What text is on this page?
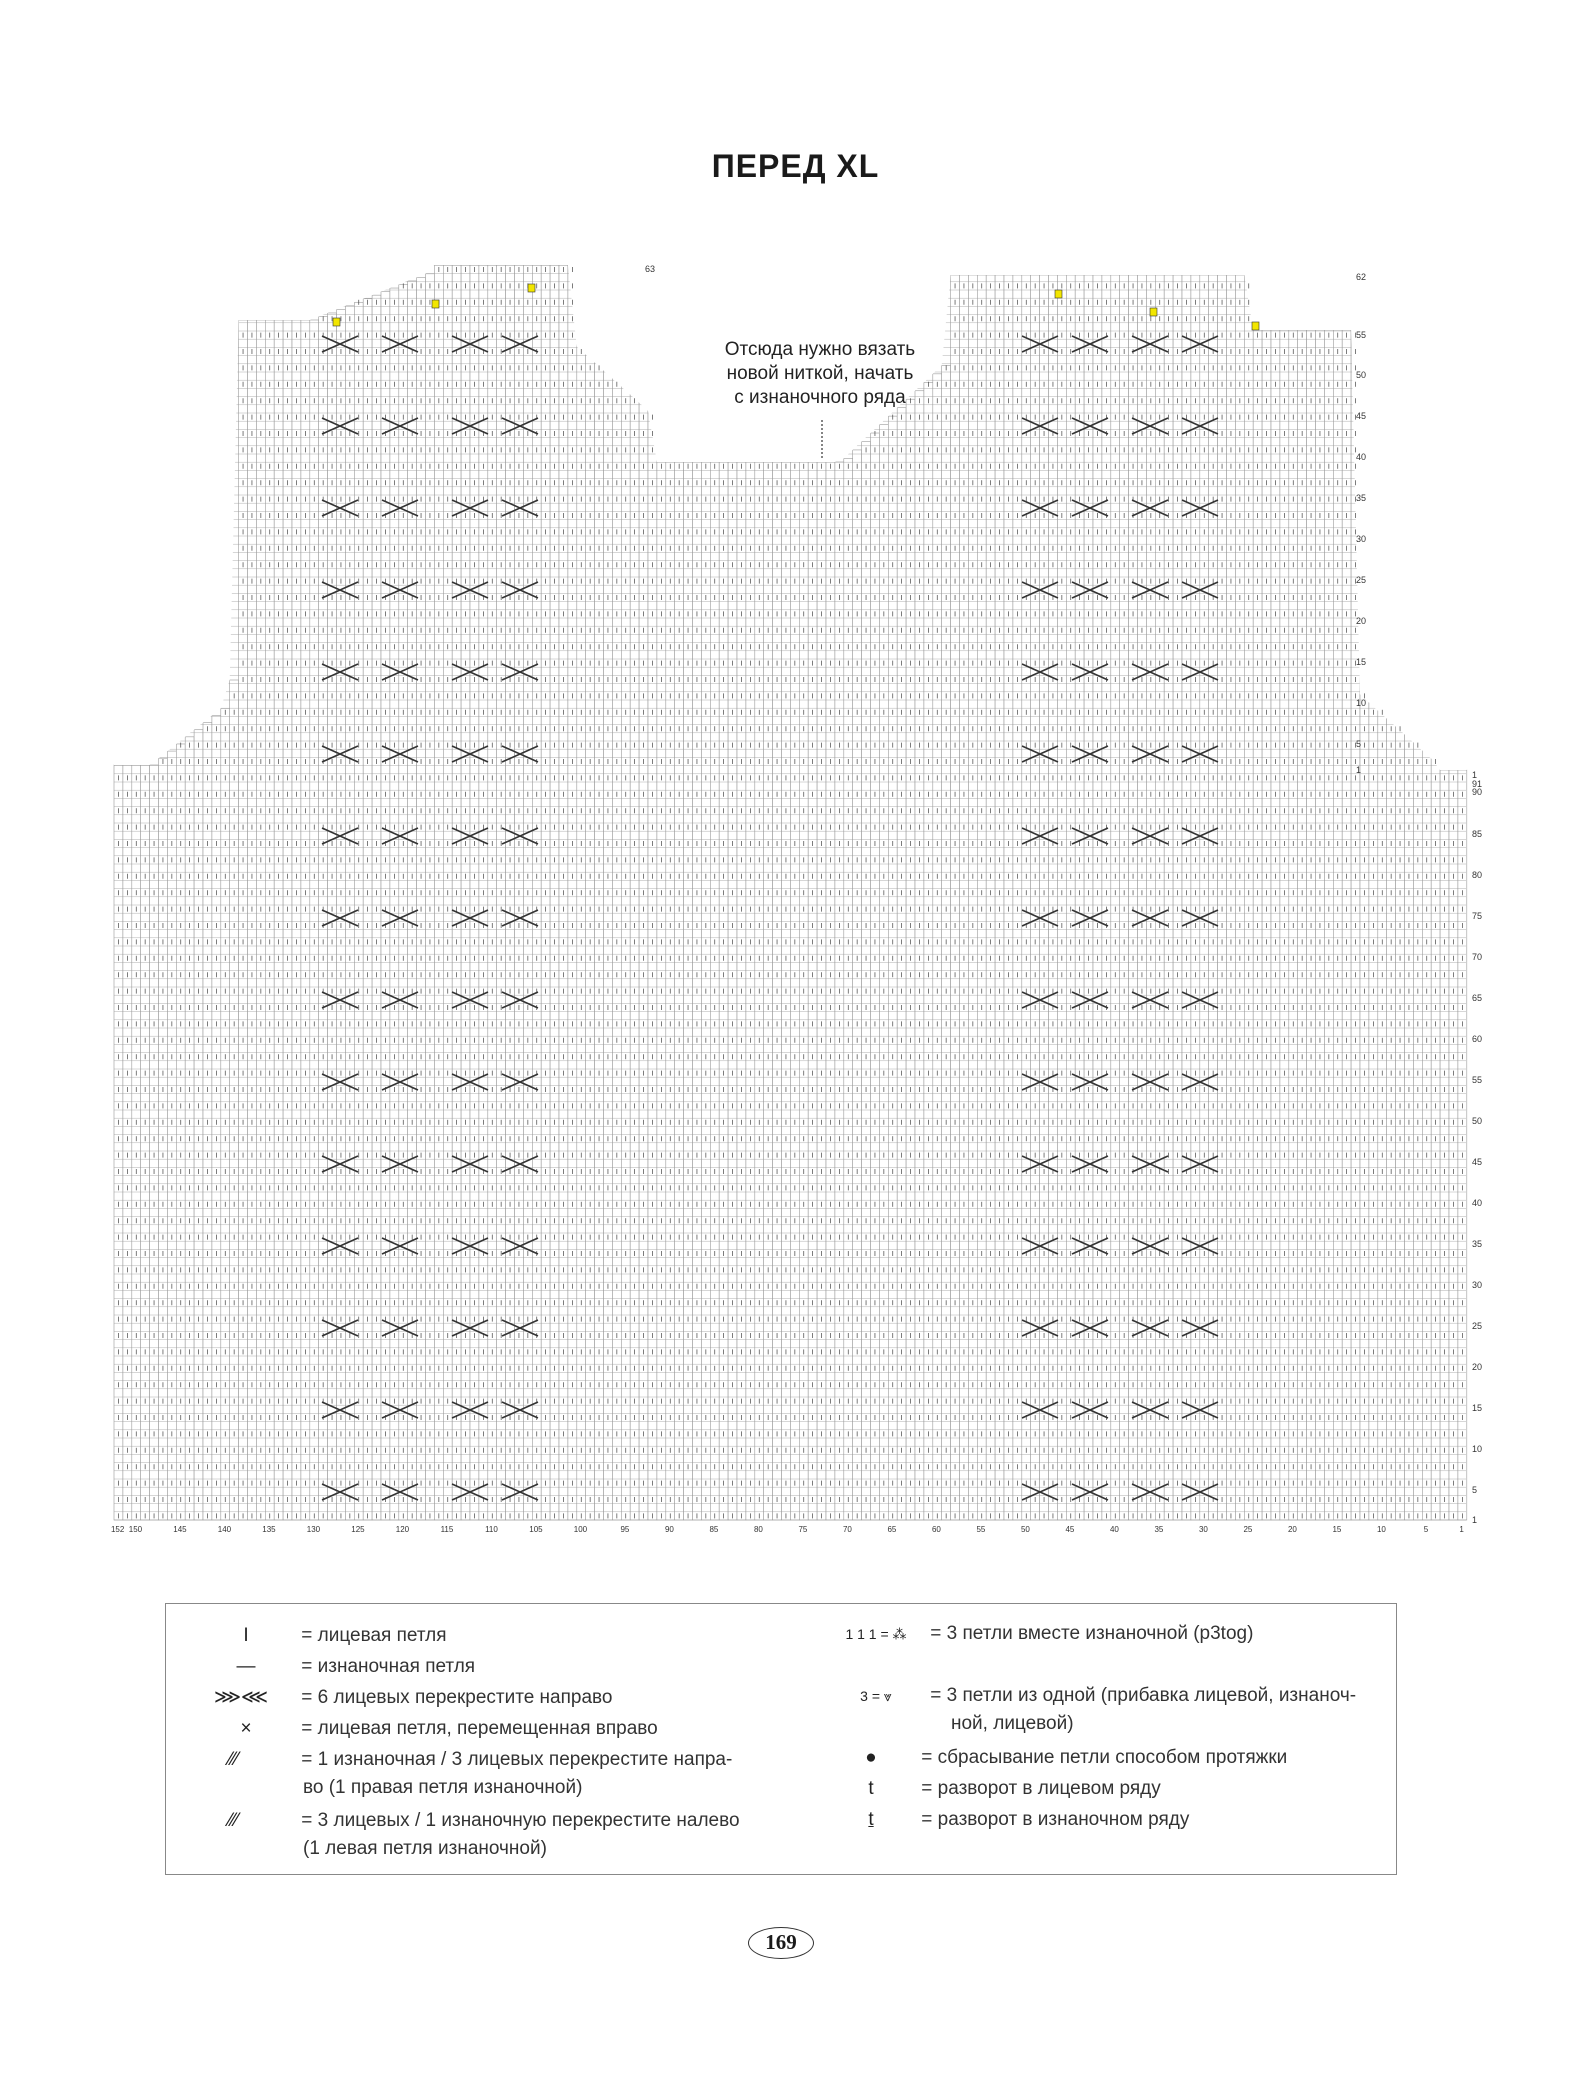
ПЕРЕД XL
1
91
90
85
80
75
70
65
60
55
50
45
40
35
30
25
20
15
10
5
1
62
55
50
45
40
35
30
25
20
15
10
5
1
63
152 150	145	140	135	130	125	120	115	110	105	100	95	90	85	80	75	70	65	60	55	50	45	40	35	30	25	20	15	10	5	1
Отсюда нужно вязать
новой ниткой, начать
с изнаночного ряда
I	= лицевая петля
— = изнаночная петля
⋙⋘ = 6 лицевых перекрестите направо
×	= лицевая петля, перемещенная вправо
⁄⁄⁄	= 1 изнаночная / 3 лицевых перекрестите напра-
во (1 правая петля изнаночной)
⁄⁄⁄	= 3 лицевых / 1 изнаночную перекрестите налево
(1 левая петля изнаночной)
1 1 1 = ⁂ = 3 петли вместе изнаночной (p3tog)
3 = ⩔ = 3 петли из одной (прибавка лицевой, изнаноч-
ной, лицевой)
● = сбрасывание петли способом протяжки
t	= разворот в лицевом ряду
t	= разворот в изнаночном ряду
169
